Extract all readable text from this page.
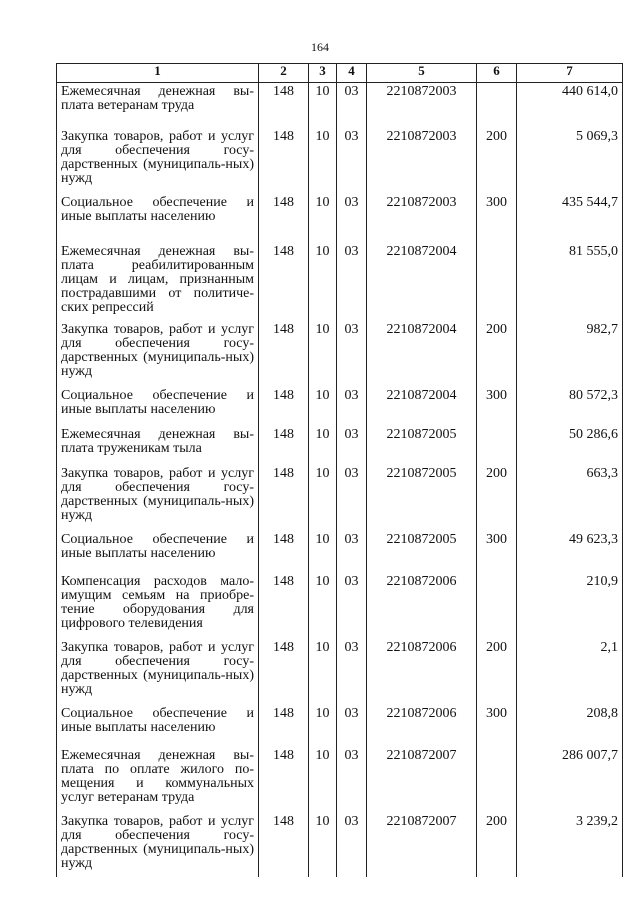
164
1	2	3	4	5	6	7
Ежемесячная денежная вы- плата ветеранам труда	148	10	03	2210872003		440 614,0
Закупка товаров, работ и услуг для обеспечения госу-дарственных (муниципаль-ных) нужд	148	10	03	2210872003	200	5 069,3
Социальное обеспечение и иные выплаты населению	148	10	03	2210872003	300	435 544,7
Ежемесячная денежная вы-плата реабилитированным лицам и лицам, признанным пострадавшими от политиче-ских репрессий	148	10	03	2210872004		81 555,0
Закупка товаров, работ и услуг для обеспечения госу-дарственных (муниципаль-ных) нужд	148	10	03	2210872004	200	982,7
Социальное обеспечение и иные выплаты населению	148	10	03	2210872004	300	80 572,3
Ежемесячная денежная вы-плата труженикам тыла	148	10	03	2210872005		50 286,6
Закупка товаров, работ и услуг для обеспечения госу-дарственных (муниципаль-ных) нужд	148	10	03	2210872005	200	663,3
Социальное обеспечение и иные выплаты населению	148	10	03	2210872005	300	49 623,3
Компенсация расходов мало-имущим семьям на приобре-тение оборудования для цифрового телевидения	148	10	03	2210872006		210,9
Закупка товаров, работ и услуг для обеспечения госу-дарственных (муниципаль-ных) нужд	148	10	03	2210872006	200	2,1
Социальное обеспечение и иные выплаты населению	148	10	03	2210872006	300	208,8
Ежемесячная денежная вы-плата по оплате жилого по-мещения и коммунальных услуг ветеранам труда	148	10	03	2210872007		286 007,7
Закупка товаров, работ и услуг для обеспечения госу-дарственных (муниципаль-ных) нужд	148	10	03	2210872007	200	3 239,2
